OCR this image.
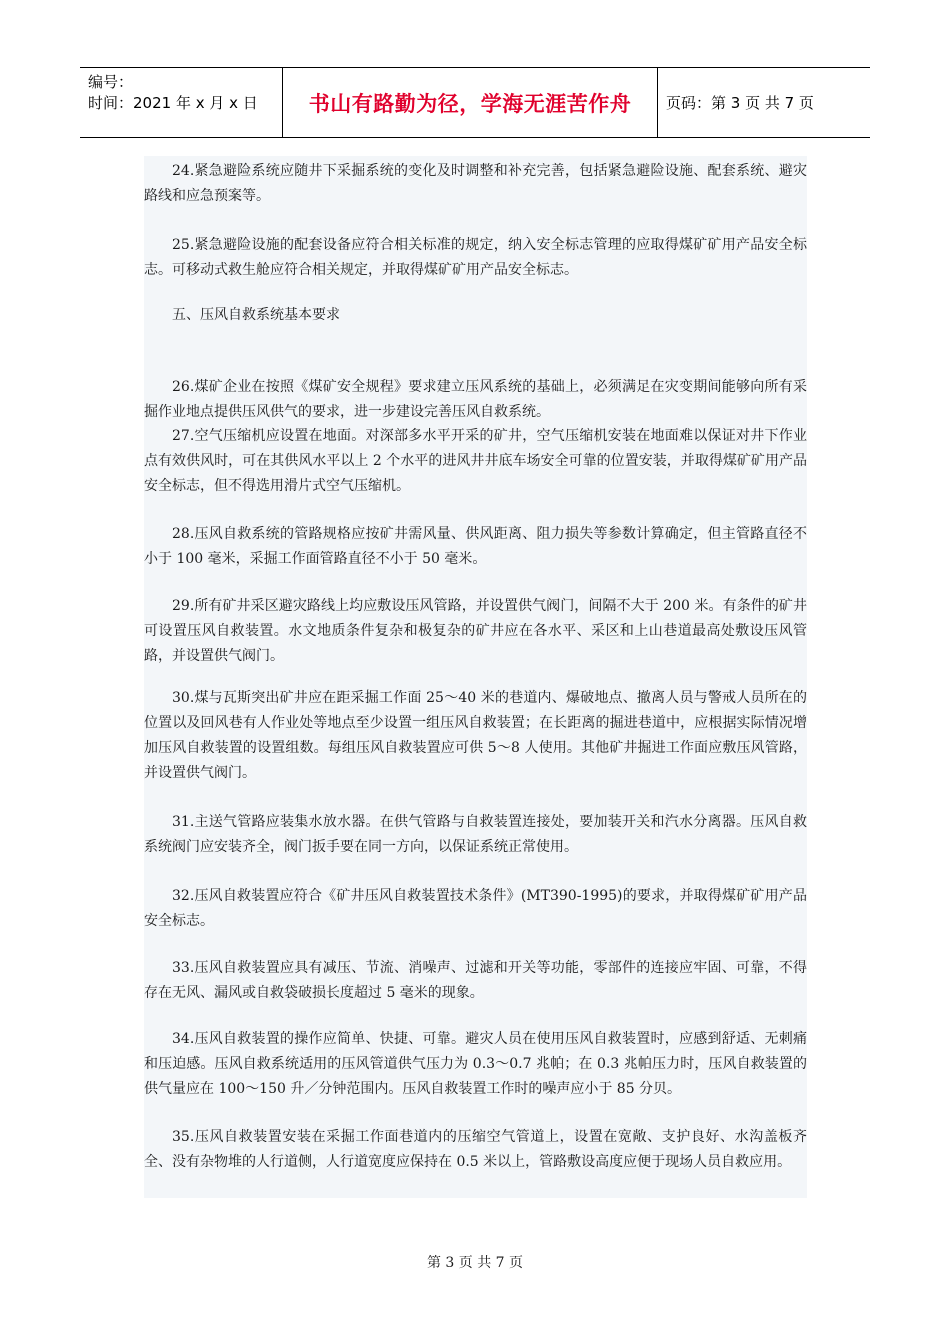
编号：
时间：2021 年 x 月 x 日	书山有路勤为径，学海无涯苦作舟	页码：第 3 页 共 7 页

24.紧急避险系统应随井下采掘系统的变化及时调整和补充完善，包括紧急避险设施、配套系统、避灾路线和应急预案等。

25.紧急避险设施的配套设备应符合相关标准的规定，纳入安全标志管理的应取得煤矿矿用产品安全标志。可移动式救生舱应符合相关规定，并取得煤矿矿用产品安全标志。

五、压风自救系统基本要求

26.煤矿企业在按照《煤矿安全规程》要求建立压风系统的基础上，必须满足在灾变期间能够向所有采掘作业地点提供压风供气的要求，进一步建设完善压风自救系统。

27.空气压缩机应设置在地面。对深部多水平开采的矿井，空气压缩机安装在地面难以保证对井下作业点有效供风时，可在其供风水平以上 2 个水平的进风井井底车场安全可靠的位置安装，并取得煤矿矿用产品安全标志，但不得选用滑片式空气压缩机。

28.压风自救系统的管路规格应按矿井需风量、供风距离、阻力损失等参数计算确定，但主管路直径不小于 100 毫米，采掘工作面管路直径不小于 50 毫米。

29.所有矿井采区避灾路线上均应敷设压风管路，并设置供气阀门，间隔不大于 200 米。有条件的矿井可设置压风自救装置。水文地质条件复杂和极复杂的矿井应在各水平、采区和上山巷道最高处敷设压风管路，并设置供气阀门。

30.煤与瓦斯突出矿井应在距采掘工作面 25～40 米的巷道内、爆破地点、撤离人员与警戒人员所在的位置以及回风巷有人作业处等地点至少设置一组压风自救装置；在长距离的掘进巷道中，应根据实际情况增加压风自救装置的设置组数。每组压风自救装置应可供 5～8 人使用。其他矿井掘进工作面应敷压风管路，并设置供气阀门。

31.主送气管路应装集水放水器。在供气管路与自救装置连接处，要加装开关和汽水分离器。压风自救系统阀门应安装齐全，阀门扳手要在同一方向，以保证系统正常使用。

32.压风自救装置应符合《矿井压风自救装置技术条件》(MT390-1995)的要求，并取得煤矿矿用产品安全标志。

33.压风自救装置应具有减压、节流、消噪声、过滤和开关等功能，零部件的连接应牢固、可靠，不得存在无风、漏风或自救袋破损长度超过 5 毫米的现象。

34.压风自救装置的操作应简单、快捷、可靠。避灾人员在使用压风自救装置时，应感到舒适、无刺痛和压迫感。压风自救系统适用的压风管道供气压力为 0.3～0.7 兆帕；在 0.3 兆帕压力时，压风自救装置的供气量应在 100～150 升／分钟范围内。压风自救装置工作时的噪声应小于 85 分贝。

35.压风自救装置安装在采掘工作面巷道内的压缩空气管道上，设置在宽敞、支护良好、水沟盖板齐全、没有杂物堆的人行道侧，人行道宽度应保持在 0.5 米以上，管路敷设高度应便于现场人员自救应用。

第 3 页 共 7 页
